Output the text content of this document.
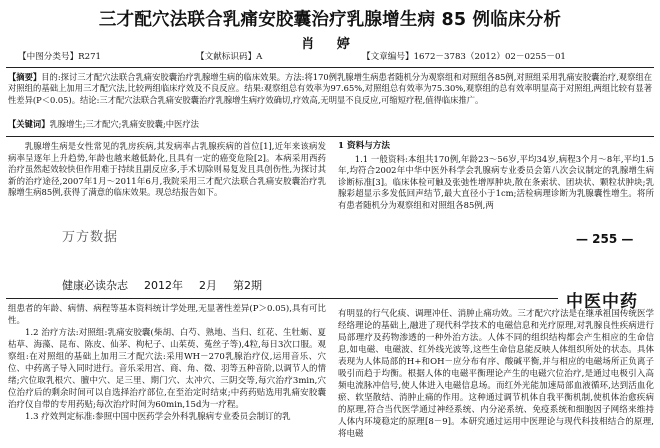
三才配穴法联合乳痛安胶囊治疗乳腺增生病 85 例临床分析
肖 婷
【中图分类号】R271	【文献标识码】A	【文章编号】1672－3783（2012）02－0255－01
【摘要】目的:探讨三才配穴法联合乳痛安胶囊治疗乳腺增生病的临床效果。方法:将170例乳腺增生病患者随机分为观察组和对照组各85例,对照组采用乳痛安胶囊治疗,观察组在对照组的基础上加用三才配穴法,比较两组临床疗效及不良反应。结果:观察组总有效率为97.65%,对照组总有效率为75.30%,观察组的总有效率明显高于对照组,两组比较有显著性差异(P＜0.05)。结论:三才配穴法联合乳痛安胶囊治疗乳腺增生病疗效确切,疗效高,无明显不良反应,可缩短疗程,值得临床推广。
【关键词】乳腺增生;三才配穴;乳痛安胶囊;中医疗法

乳腺增生病是女性常见的乳房疾病,其发病率占乳腺疾病的首位[1],近年来该病发病率呈逐年上升趋势,年龄也越来越低龄化,且具有一定的癌变危险[2]。本病采用西药治疗虽然起效较快但作用难于持续且副反应多,手术切除则易复发且具创伤性,为探讨其新的治疗途径,2007年1月～2011年6月,我院采用三才配穴法联合乳痛安胶囊治疗乳腺增生病85例,获得了满意的临床效果。现总结报告如下。

万方数据
1 资料与方法

1.1 一般资料:本组共170例,年龄23～56岁,平均34岁,病程3个月～8年,平均1.5年,均符合2002年中华中医外科学会乳腺病专业委员会第八次会议制定的乳腺增生病诊断标准[3]。临床体检可触及张弛性增厚肿块,散在条索状、团块状、颗粒状肿块;乳腺彩超显示多发低回声结节,最大直径小于1cm;活检病理诊断为乳腺囊性增生。将所有患者随机分为观察组和对照组各85例,两

— 255 —
健康必读杂志 2012年 2月 第2期
中医中药

组患者的年龄、病情、病程等基本资料统计学处理,无显著性差异(P＞0.05),具有可比性。

1.2 治疗方法:对照组:乳痛安胶囊(柴胡、白芍、熟地、当归、红花、生牡蛎、夏枯草、海藻、昆布、陈皮、仙茅、枸杞子、山茱萸、菟丝子等),4粒,每日3次口服。观察组:在对照组的基础上加用三才配穴法:采用WH－270乳腺治疗仪,运用音乐、穴位、中药离子导入同时进行。音乐采用宫、商、角、徵、羽等五种音阶,以调节人的情绪;穴位取乳根穴、膻中穴、足三里、期门穴、太冲穴、三阴交等,每穴治疗3min,穴位治疗后的剩余时间可以自选择治疗部位,在至治定时结束;中药药贴选用乳痛安胶囊治疗仪自带的专用药贴;每次治疗时间为60min,15d为一疗程。

1.3 疗效判定标准:参照中国中医药学会外科乳腺病专业委员会制订的乳

有明显的行气化痰、调理冲任、消肿止痛功效。三才配穴疗法是在继承祖国传统医学经络理论的基础上,融进了现代科学技术的电磁信息和光疗原理,对乳腺良性疾病进行局部理疗及药物渗透的一种外治方法。人体不同的组织结构都会产生相应的生命信息,如电磁、电磁波、红外线光波等,这些生命信息能反映人体组织所处的状态。具体表现为人体局部的H+和OH－应分布有序、酸碱平衡,并与相应的电磁场所正负离子吸引而趋于均衡。根据人体的电磁平衡理论产生的电磁穴位治疗,是通过电极引入高频电流脉冲信号,使人体进入电磁信息场。而红外光能加速局部血液循环,达到活血化瘀、软坚散结、消肿止痛的作用。这种通过调节机体自我平衡机制,使机体治愈疾病的原理,符合当代医学通过神经系统、内分泌系统、免疫系统和细胞因子网络来维持人体内环境稳定的原理[8－9]。本研究通过运用中医理论与现代科技相结合的原理,将电磁
